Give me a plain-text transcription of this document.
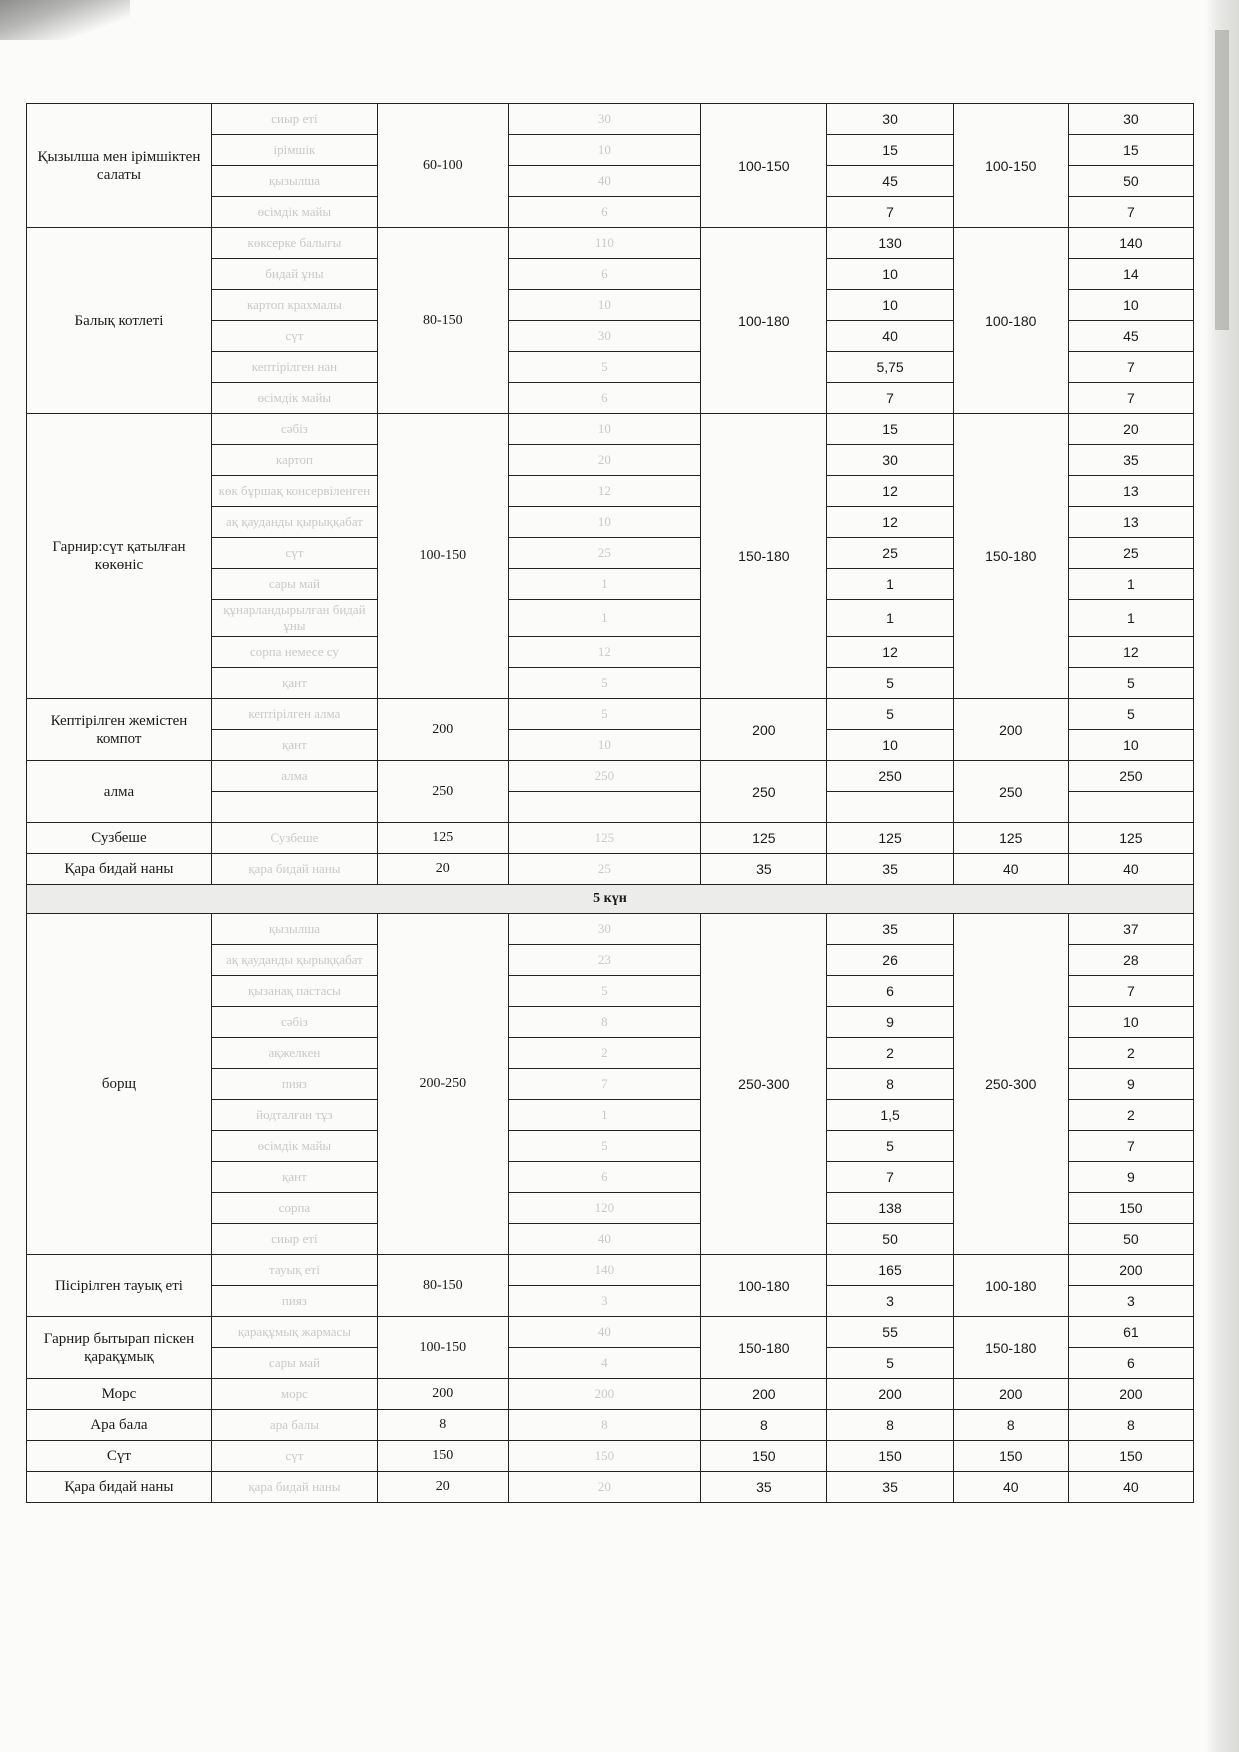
Қызылша мен ірімшіктен салаты	сиыр еті	60-100	30	100-150	30	100-150	30
	ірімшік		10		15		15
	қызылша		40		45		50
	өсімдік майы		6		7		7
Балық котлеті	көксерке балығы	80-150	110	100-180	130	100-180	140
	бидай ұны		6		10		14
	картоп крахмалы		10		10		10
	сүт		30		40		45
	кептірілген нан		5		5,75		7
	өсімдік майы		6		7		7
Гарнир:сүт қатылған көкөніс	сәбіз	100-150	10	150-180	15	150-180	20
	картоп		20		30		35
	көк бұршақ консервіленген		12		12		13
	ақ қауданды қырыққабат		10		12		13
	сүт		25		25		25
	сары май		1		1		1
	құнарландырылған бидай ұны		1		1		1
	сорпа немесе су		12		12		12
	қант		5		5		5
Кептірілген жемістен компот	кептірілген алма	200	5	200	5	200	5
	қант		10		10		10
алма	алма	250	250	250	250	250	250

Сузбеше	Сузбеше	125	125	125	125	125	125
Қара бидай наны	қара бидай наны	20	25	35	35	40	40
5 күн							
борщ	қызылша	200-250	30	250-300	35	250-300	37
	ақ қауданды қырыққабат		23		26		28
	қызанақ пастасы		5		6		7
	сәбіз		8		9		10
	ақжелкен		2		2		2
	пияз		7		8		9
	йодталған тұз		1		1,5		2
	өсімдік майы		5		5		7
	қант		6		7		9
	сорпа		120		138		150
	сиыр еті		40		50		50
Пісірілген тауық еті	тауық еті	80-150	140	100-180	165	100-180	200
	пияз		3		3		3
Гарнир бытырап піскен қарақұмық	қарақұмық жармасы	100-150	40	150-180	55	150-180	61
	сары май		4		5		6
Морс	морс	200	200	200	200	200	200
Ара бала	ара балы	8	8	8	8	8	8
Сүт	сүт	150	150	150	150	150	150
Қара бидай наны	қара бидай наны	20	20	35	35	40	40
